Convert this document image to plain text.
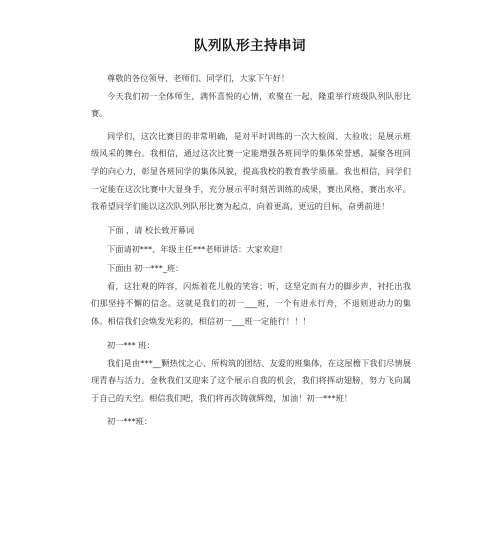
队列队形主持串词

尊敬的各位领导、老师们、同学们，大家下午好！

今天我们初一全体师生，满怀喜悦的心情，欢聚在一起，隆重举行班级队列队形比赛。

同学们，这次比赛目的非常明确，是对平时训练的一次大检阅、大验收；是展示班级风采的舞台。我相信，通过这次比赛一定能增强各班同学的集体荣誉感，凝聚各班同学的向心力，彰显各班同学的集体风貌，提高我校的教育教学质量。我也相信，同学们一定能在这次比赛中大显身手，充分展示平时刻苦训练的成果，赛出风格，赛出水平。我希望同学们能以这次队列队形比赛为起点，向着更高，更远的目标，奋勇前进！

下面 ，请 校长致开幕词

下面请初***、年级主任***老师讲话：大家欢迎！

下面由 初一***_班：

看，这壮观的阵容，闪烁着花儿般的笑容；听，这坚定而有力的脚步声，衬托出我们那坚持不懈的信念。这就是我们的初一___班，一个有进永行舟，不退则进动力的集体。相信我们会焕发光彩的，相信初一___班一定能行！！！

初一*** 班：

我们是由***__颗热忱之心、所构筑的团结、友爱的班集体，在这屋檐下我们尽情展现青春与活力。金秋我们又迎来了这个展示自我的机会，我们将挥动翅膀，努力飞向属于自己的天空。相信我们吧，我们将再次铸就辉煌，加油！初一***班！

初一***班：
